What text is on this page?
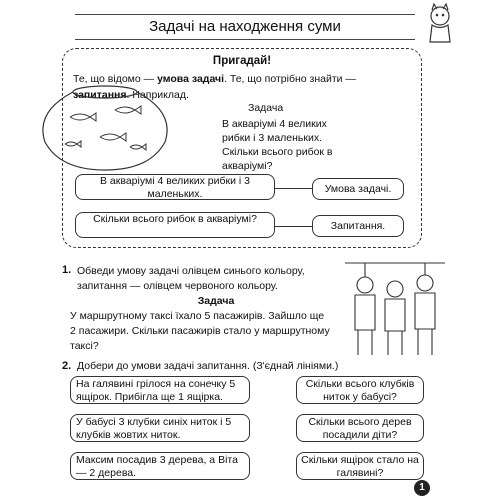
Задачі на находження суми
Пригадай!
Те, що відомо — умова задачі. Те, що потрібно знайти —
запитання. Наприклад.
Задача
В акваріумі 4 великих рибки і 3 маленьких. Скільки всього рибок в акваріумі?
В акваріумі 4 великих рибки і 3 маленьких.	Умова задачі.
Скільки всього рибок в акваріумі?
Запитання.
1. Обведи умову задачі олівцем синього кольору, запитання — олівцем червоного кольору.
Задача
У маршрутному таксі їхало 5 пасажирів. Зайшло ще 2 пасажири. Скільки пасажирів стало у маршрутному таксі?
2. Добери до умови задачі запитання. (З'єднай лініями.)
На галявині грілося на сонечку 5 ящірок. Прибігла ще 1 ящірка.
У бабусі 3 клубки синіх ниток і 5 клубків жовтих ниток.
Максим посадив 3 дерева, а Віта — 2 дерева.
Скільки всього клубків ниток у бабусі?
Скільки всього дерев посадили діти?
Скільки ящірок стало на галявині?
1
